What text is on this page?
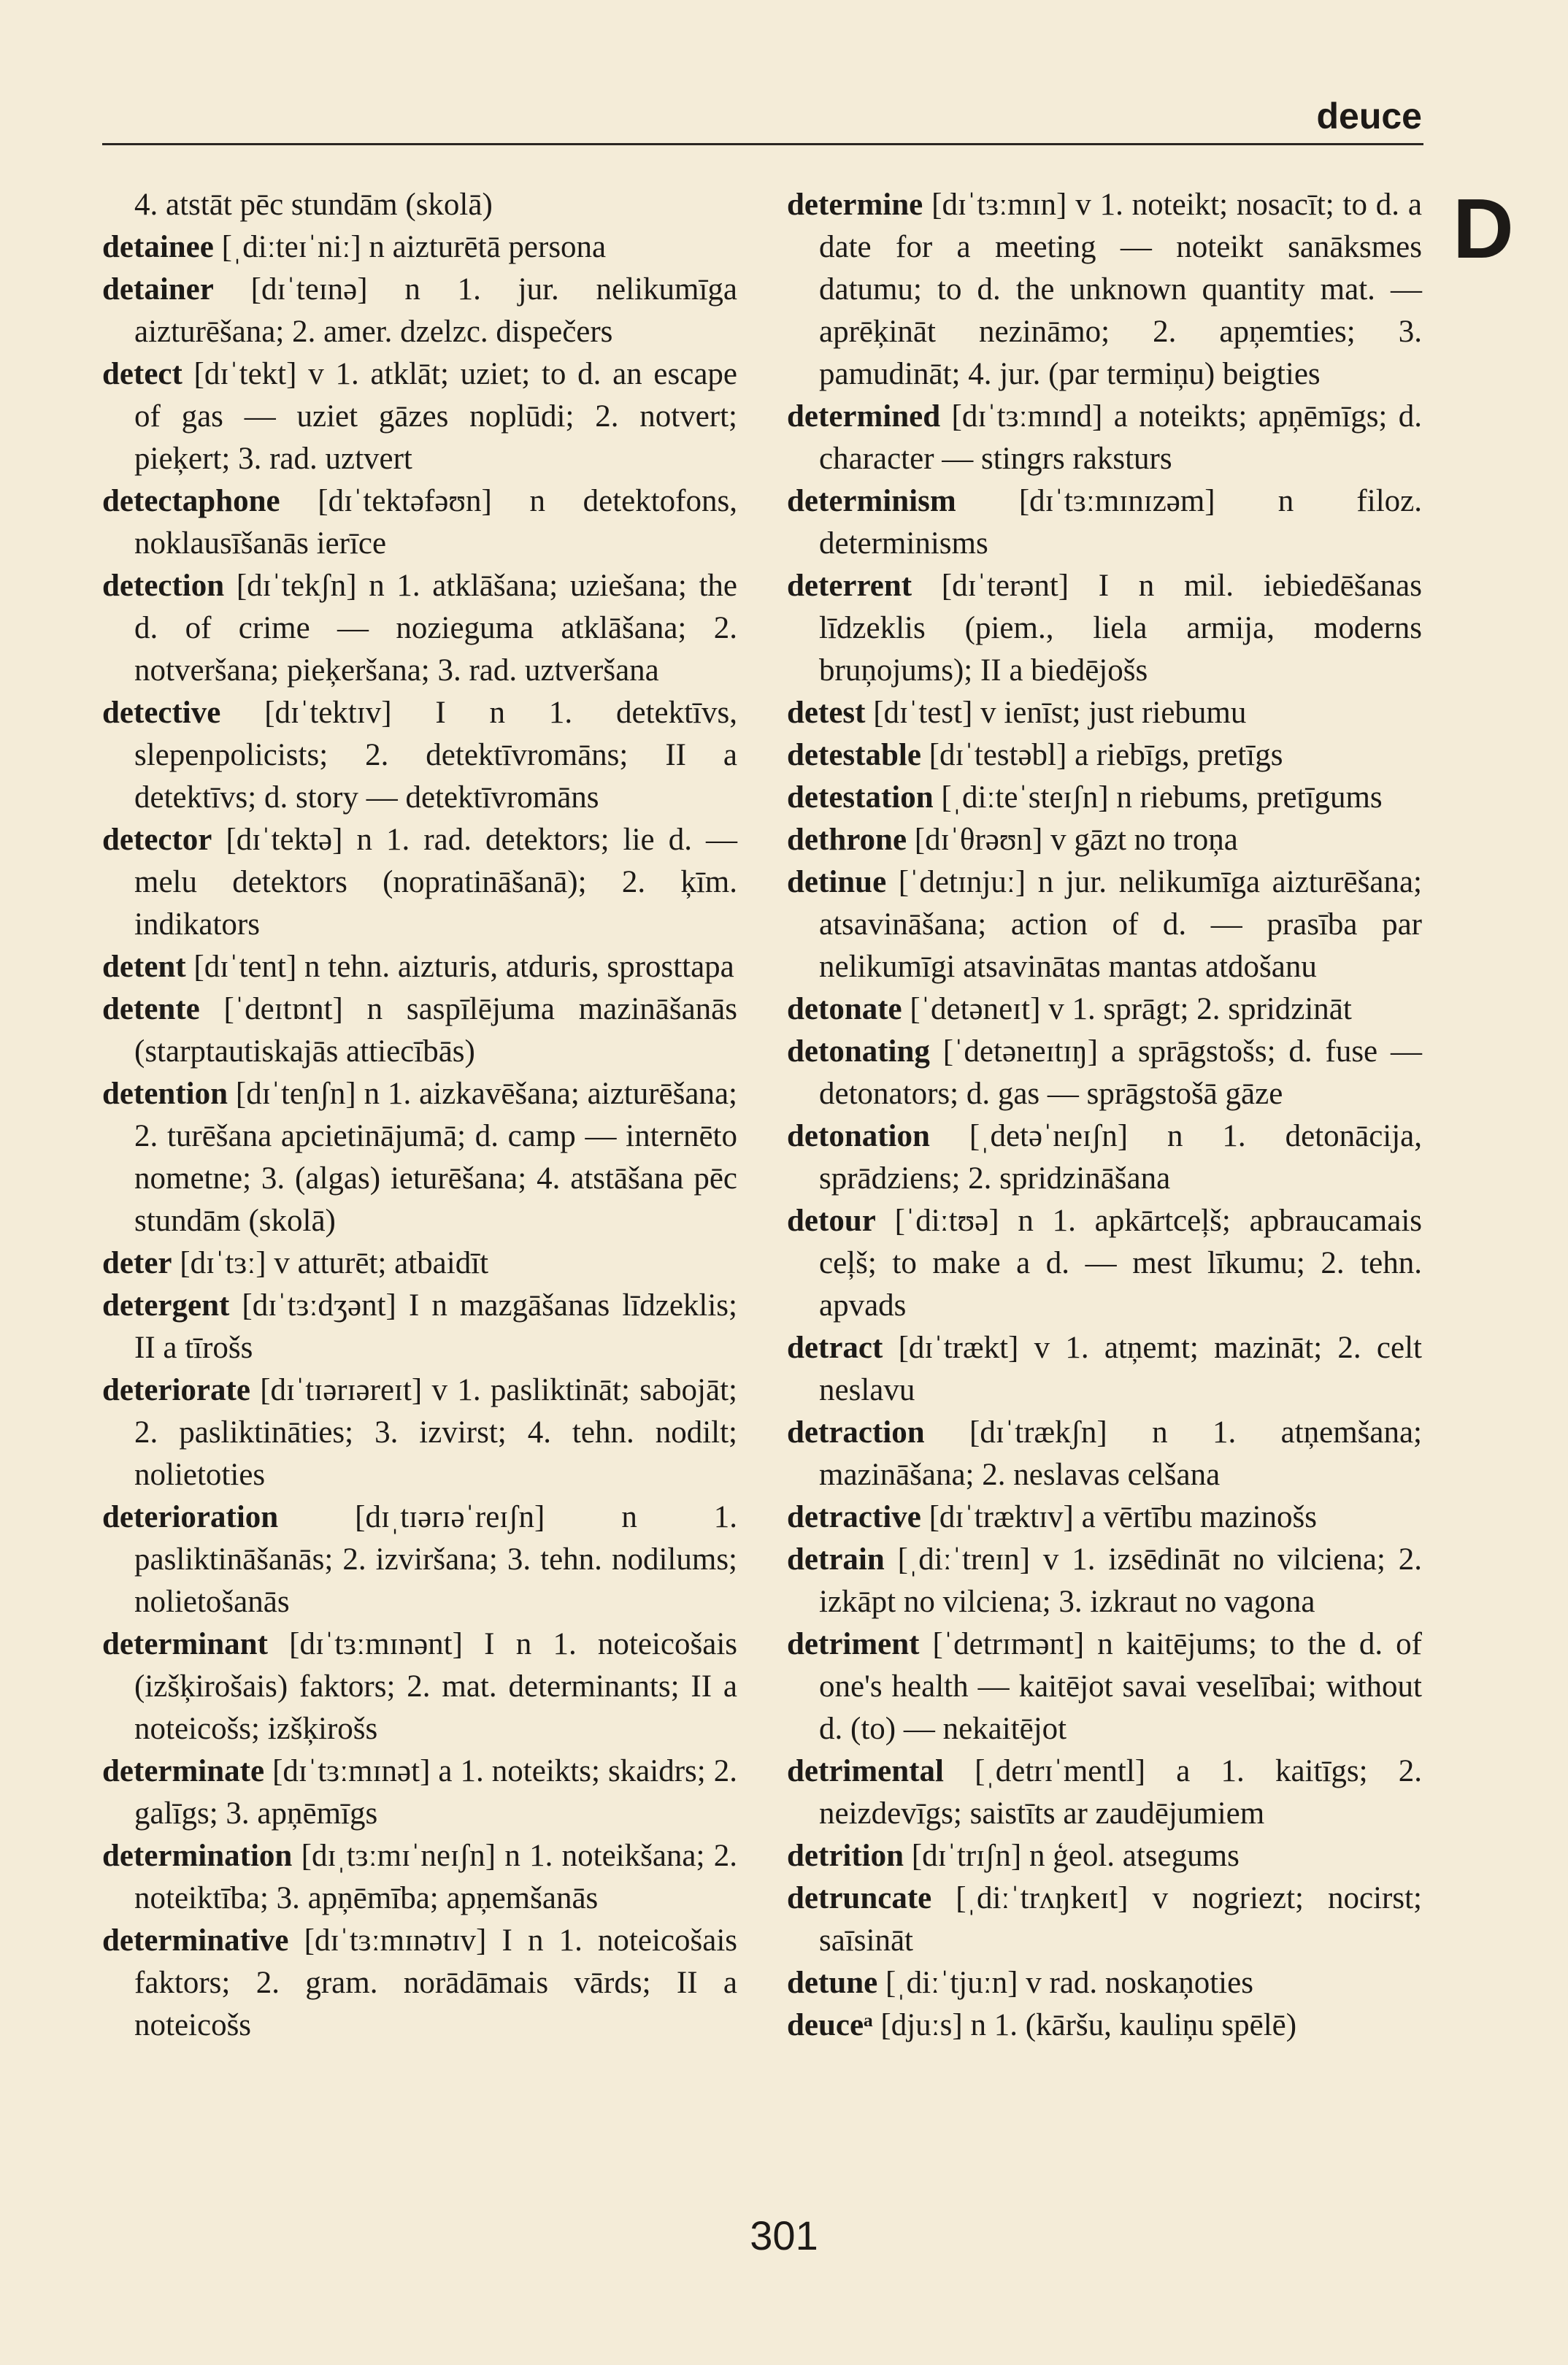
deuce
D

4. atstāt pēc stundām (skolā)

detainee [ˌdiːteɪˈniː] n aizturētā persona

detainer [dɪˈteɪnə] n 1. jur. nelikumīga aizturēšana; 2. amer. dzelzc. dispečers

detect [dɪˈtekt] v 1. atklāt; uziet; to d. an escape of gas — uziet gāzes noplūdi; 2. notvert; pieķert; 3. rad. uztvert

detectaphone [dɪˈtektəfəʊn] n detektofons, noklausīšanās ierīce

detection [dɪˈtekʃn] n 1. atklāšana; uziešana; the d. of crime — nozieguma atklāšana; 2. notveršana; pieķeršana; 3. rad. uztveršana

detective [dɪˈtektɪv] I n 1. detektīvs, slepenpolicists; 2. detektīvromāns; II a detektīvs; d. story — detektīvromāns

detector [dɪˈtektə] n 1. rad. detektors; lie d. — melu detektors (nopratināšanā); 2. ķīm. indikators

detent [dɪˈtent] n tehn. aizturis, atduris, sprosttapa

detente [ˈdeɪtɒnt] n saspīlējuma mazināšanās (starptautiskajās attiecībās)

detention [dɪˈtenʃn] n 1. aizkavēšana; aizturēšana; 2. turēšana apcietinājumā; d. camp — internēto nometne; 3. (algas) ieturēšana; 4. atstāšana pēc stundām (skolā)

deter [dɪˈtɜː] v atturēt; atbaidīt

detergent [dɪˈtɜːdʒənt] I n mazgāšanas līdzeklis; II a tīrošs

deteriorate [dɪˈtɪərɪəreɪt] v 1. pasliktināt; sabojāt; 2. pasliktināties; 3. izvirst; 4. tehn. nodilt; nolietoties

deterioration [dɪˌtɪərɪəˈreɪʃn] n 1. pasliktināšanās; 2. izviršana; 3. tehn. nodilums; nolietošanās

determinant [dɪˈtɜːmɪnənt] I n 1. noteicošais (izšķirošais) faktors; 2. mat. determinants; II a noteicošs; izšķirošs

determinate [dɪˈtɜːmɪnət] a 1. noteikts; skaidrs; 2. galīgs; 3. apņēmīgs

determination [dɪˌtɜːmɪˈneɪʃn] n 1. noteikšana; 2. noteiktība; 3. apņēmība; apņemšanās

determinative [dɪˈtɜːmɪnətɪv] I n 1. noteicošais faktors; 2. gram. norādāmais vārds; II a noteicošs

determine [dɪˈtɜːmɪn] v 1. noteikt; nosacīt; to d. a date for a meeting — noteikt sanāksmes datumu; to d. the unknown quantity mat. — aprēķināt nezināmo; 2. apņemties; 3. pamudināt; 4. jur. (par termiņu) beigties

determined [dɪˈtɜːmɪnd] a noteikts; apņēmīgs; d. character — stingrs raksturs

determinism [dɪˈtɜːmɪnɪzəm] n filoz. determinisms

deterrent [dɪˈterənt] I n mil. iebiedēšanas līdzeklis (piem., liela armija, moderns bruņojums); II a biedējošs

detest [dɪˈtest] v ienīst; just riebumu

detestable [dɪˈtestəbl] a riebīgs, pretīgs

detestation [ˌdiːteˈsteɪʃn] n riebums, pretīgums

dethrone [dɪˈθrəʊn] v gāzt no troņa

detinue [ˈdetɪnjuː] n jur. nelikumīga aizturēšana; atsavināšana; action of d. — prasība par nelikumīgi atsavinātas mantas atdošanu

detonate [ˈdetəneɪt] v 1. sprāgt; 2. spridzināt

detonating [ˈdetəneɪtɪŋ] a sprāgstošs; d. fuse — detonators; d. gas — sprāgstošā gāze

detonation [ˌdetəˈneɪʃn] n 1. detonācija, sprādziens; 2. spridzināšana

detour [ˈdiːtʊə] n 1. apkārtceļš; apbraucamais ceļš; to make a d. — mest līkumu; 2. tehn. apvads

detract [dɪˈtrækt] v 1. atņemt; mazināt; 2. celt neslavu

detraction [dɪˈtrækʃn] n 1. atņemšana; mazināšana; 2. neslavas celšana

detractive [dɪˈtræktɪv] a vērtību mazinošs

detrain [ˌdiːˈtreɪn] v 1. izsēdināt no vilciena; 2. izkāpt no vilciena; 3. izkraut no vagona

detriment [ˈdetrɪmənt] n kaitējums; to the d. of one's health — kaitējot savai veselībai; without d. (to) — nekaitējot

detrimental [ˌdetrɪˈmentl] a 1. kaitīgs; 2. neizdevīgs; saistīts ar zaudējumiem

detrition [dɪˈtrɪʃn] n ģeol. atsegums

detruncate [ˌdiːˈtrʌŋkeɪt] v nogriezt; nocirst; saīsināt

detune [ˌdiːˈtjuːn] v rad. noskaņoties

deuceᵃ [djuːs] n 1. (kāršu, kauliņu spēlē)

301
